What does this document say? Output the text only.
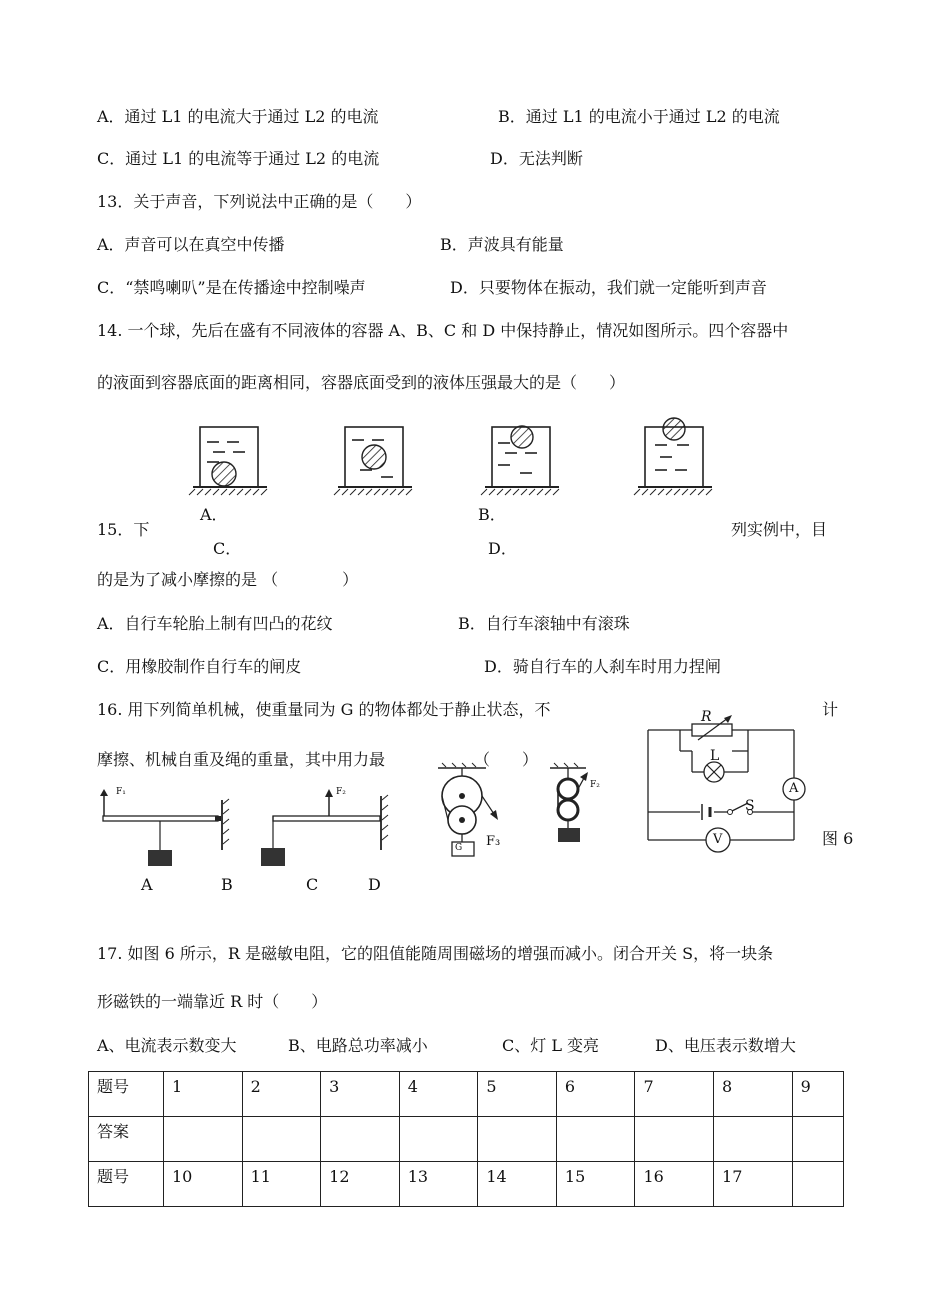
A．通过 L1 的电流大于通过 L2 的电流	B．通过 L1 的电流小于通过 L2 的电流
C．通过 L1 的电流等于通过 L2 的电流	D．无法判断
13．关于声音，下列说法中正确的是（　　）
A．声音可以在真空中传播	B．声波具有能量
C．“禁鸣喇叭”是在传播途中控制噪声	D．只要物体在振动，我们就一定能听到声音
14. 一个球，先后在盛有不同液体的容器 A、B、C 和 D 中保持静止，情况如图所示。四个容器中
的液面到容器底面的距离相同，容器底面受到的液体压强最大的是（　　）
A．	B．
C．	D．
15．下	列实例中，目
的是为了减小摩擦的是 （　　　　）
A．自行车轮胎上制有凹凸的花纹	B．自行车滚轴中有滚珠
C．用橡胶制作自行车的闸皮	D．骑自行车的人刹车时用力捏闸
16. 用下列简单机械，使重量同为 G 的物体都处于静止状态，不	计
摩擦、机械自重及绳的重量，其中用力最	（　　）
F₁	F₂
G F₃
F₂
A	B	C	D
R
L
S
A
V	图 6
17. 如图 6 所示，R 是磁敏电阻，它的阻值能随周围磁场的增强而减小。闭合开关 S，将一块条
形磁铁的一端靠近 R 时（　　）
A、电流表示数变大	B、电路总功率减小	C、灯 L 变亮	D、电压表示数增大
题号	1	2	3	4	5	6	7	8	9
答案									
题号	10	11	12	13	14	15	16	17	
